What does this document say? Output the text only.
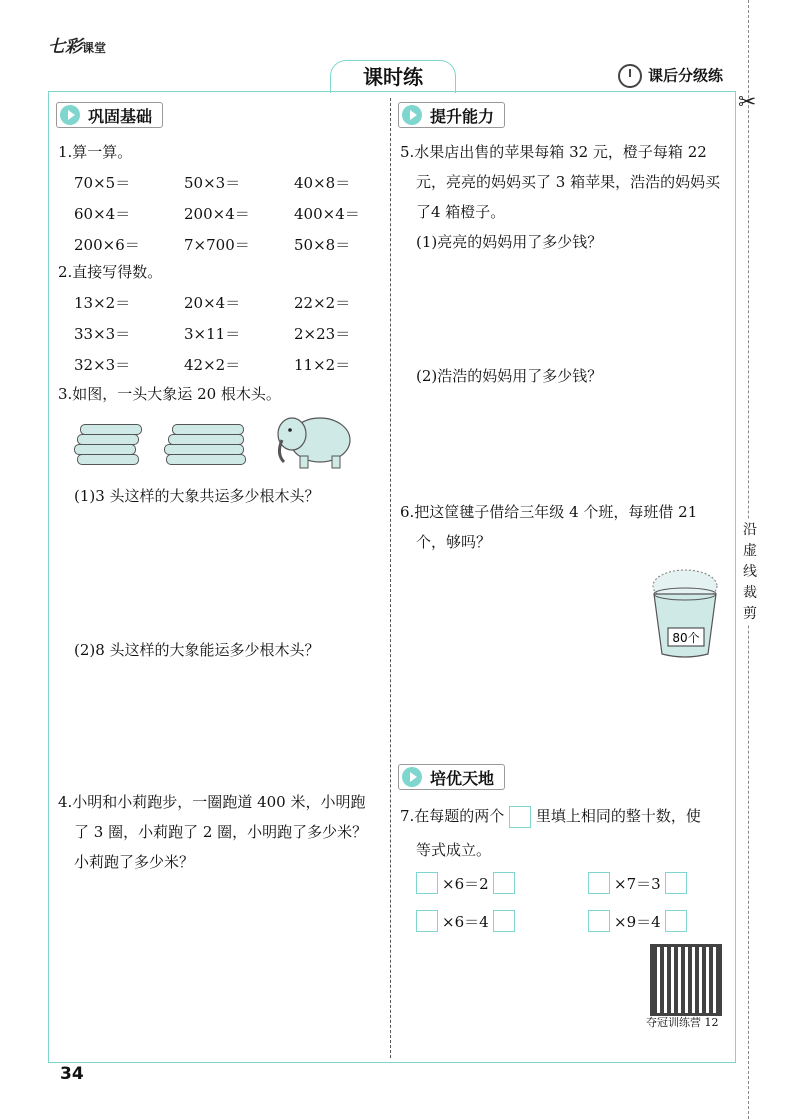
七彩课堂
课时练	课后分级练
✂
沿
虚
线
裁
剪
巩固基础
1.算一算。
70×5＝	50×3＝	40×8＝
60×4＝	200×4＝	400×4＝
200×6＝	7×700＝	50×8＝
2.直接写得数。
13×2＝	20×4＝	22×2＝
33×3＝	3×11＝	2×23＝
32×3＝	42×2＝	11×2＝
3.如图，一头大象运 20 根木头。
(1)3 头这样的大象共运多少根木头？
(2)8 头这样的大象能运多少根木头？
4.小明和小莉跑步，一圈跑道 400 米，小明跑
了 3 圈，小莉跑了 2 圈，小明跑了多少米？
小莉跑了多少米？
提升能力
5.水果店出售的苹果每箱 32 元，橙子每箱 22
元，亮亮的妈妈买了 3 箱苹果，浩浩的妈妈买
了4 箱橙子。
(1)亮亮的妈妈用了多少钱？
(2)浩浩的妈妈用了多少钱？
6.把这筐毽子借给三年级 4 个班，每班借 21
个，够吗？
80个
培优天地
7.在每题的两个 里填上相同的整十数，使
等式成立。
×6＝2	×7＝3
×6＝4	×9＝4
夺冠训练营 12
34
